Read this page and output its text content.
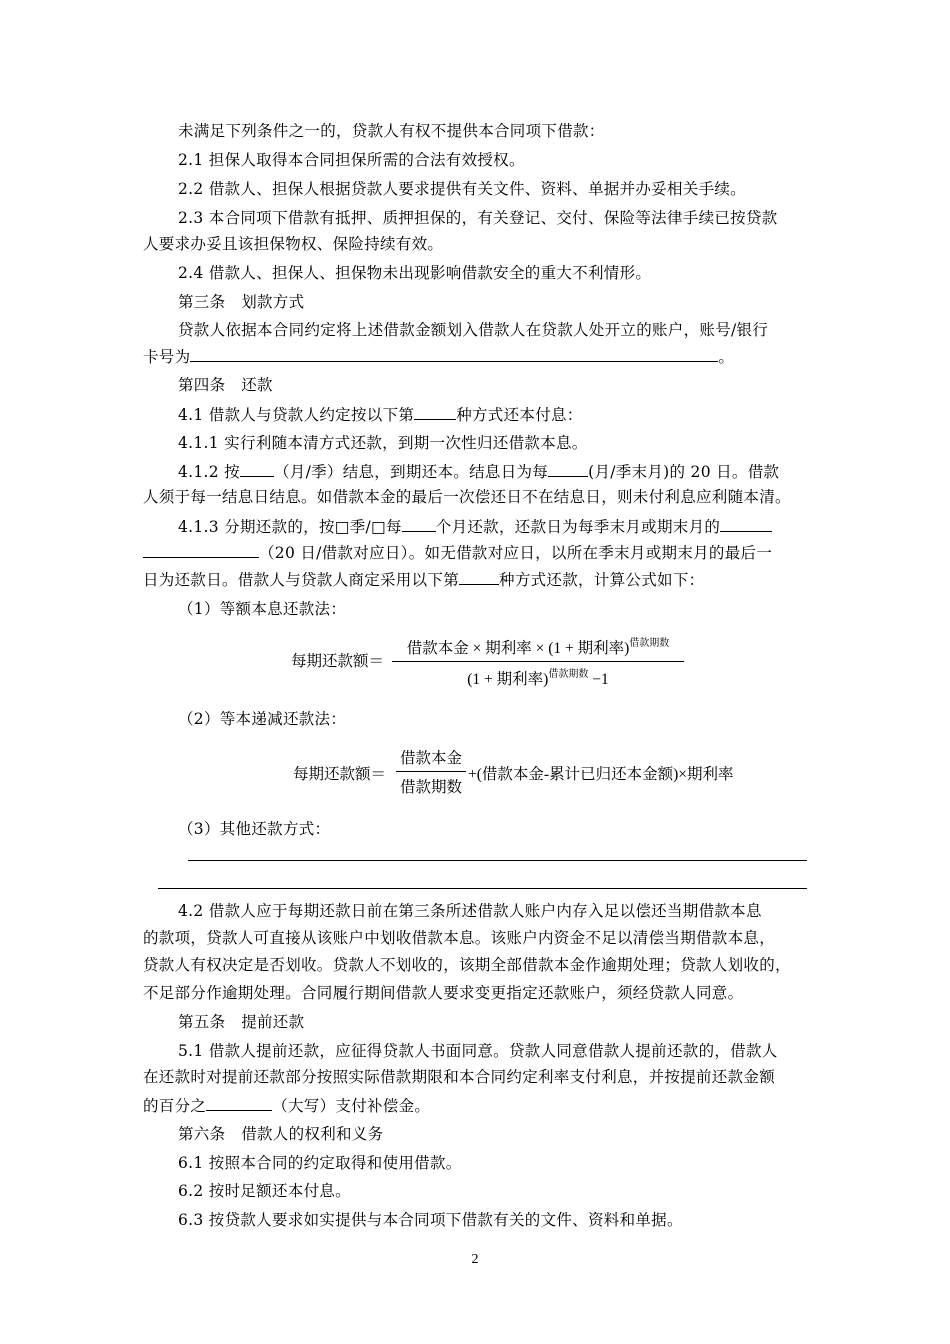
未满足下列条件之一的，贷款人有权不提供本合同项下借款：
2.1 担保人取得本合同担保所需的合法有效授权。
2.2 借款人、担保人根据贷款人要求提供有关文件、资料、单据并办妥相关手续。
2.3 本合同项下借款有抵押、质押担保的，有关登记、交付、保险等法律手续已按贷款
人要求办妥且该担保物权、保险持续有效。
2.4 借款人、担保人、担保物未出现影响借款安全的重大不利情形。
第三条　划款方式
贷款人依据本合同约定将上述借款金额划入借款人在贷款人处开立的账户，账号/银行
卡号为	。
第四条　还款
4.1 借款人与贷款人约定按以下第	种方式还本付息：
4.1.1 实行利随本清方式还款，到期一次性归还借款本息。
4.1.2 按 （月/季）结息，到期还本。结息日为每	(月/季末月)的 20 日。借款
人须于每一结息日结息。如借款本金的最后一次偿还日不在结息日，则未付利息应利随本清。
4.1.3 分期还款的，按□季/□每 个月还款，还款日为每季末月或期末月的
（20 日/借款对应日）。如无借款对应日，以所在季末月或期末月的最后一
日为还款日。借款人与贷款人商定采用以下第	种方式还款，计算公式如下：
（1）等额本息还款法：
每期还款额＝
借款本金 × 期利率 × (1 + 期利率)$^{借款期数}$
(1 + 期利率)$^{借款期数}$ −1
（2）等本递减还款法：
每期还款额＝
借款本金
借款期数
+(借款本金-累计已归还本金额)×期利率
（3）其他还款方式：
4.2 借款人应于每期还款日前在第三条所述借款人账户内存入足以偿还当期借款本息
的款项，贷款人可直接从该账户中划收借款本息。该账户内资金不足以清偿当期借款本息，
贷款人有权决定是否划收。贷款人不划收的，该期全部借款本金作逾期处理；贷款人划收的，
不足部分作逾期处理。合同履行期间借款人要求变更指定还款账户，须经贷款人同意。
第五条　提前还款
5.1 借款人提前还款，应征得贷款人书面同意。贷款人同意借款人提前还款的，借款人
在还款时对提前还款部分按照实际借款期限和本合同约定利率支付利息，并按提前还款金额
的百分之	（大写）支付补偿金。
第六条　借款人的权利和义务
6.1 按照本合同的约定取得和使用借款。
6.2 按时足额还本付息。
6.3 按贷款人要求如实提供与本合同项下借款有关的文件、资料和单据。
2
